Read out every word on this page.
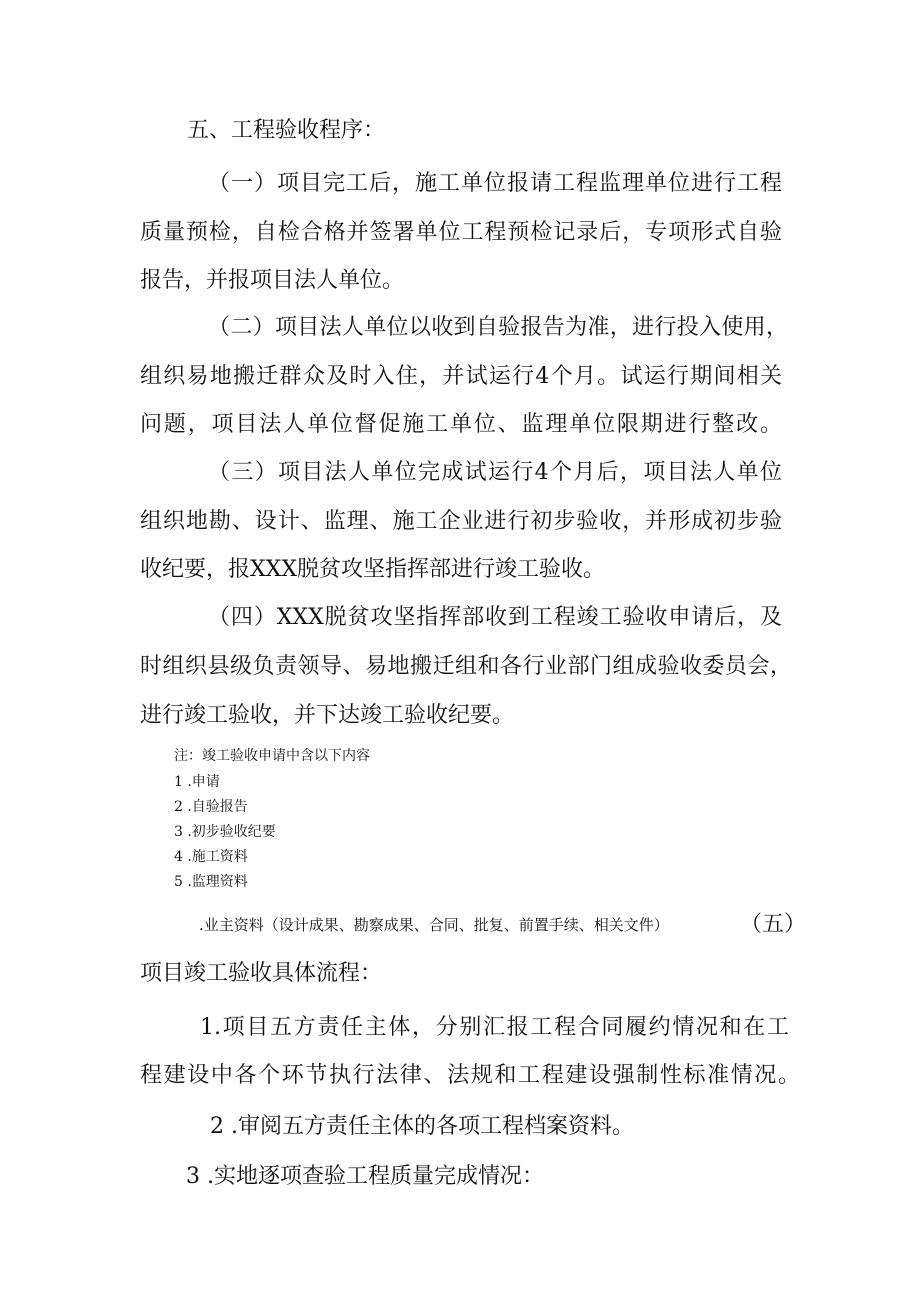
五、工程验收程序：
（一）项目完工后，施工单位报请工程监理单位进行工程
质量预检，自检合格并签署单位工程预检记录后，专项形式自验
报告，并报项目法人单位。
（二）项目法人单位以收到自验报告为准，进行投入使用，
组织易地搬迁群众及时入住，并试运行4个月。试运行期间相关
问题，项目法人单位督促施工单位、监理单位限期进行整改。
（三）项目法人单位完成试运行4个月后，项目法人单位
组织地勘、设计、监理、施工企业进行初步验收，并形成初步验
收纪要，报XXX脱贫攻坚指挥部进行竣工验收。
（四）XXX脱贫攻坚指挥部收到工程竣工验收申请后，及
时组织县级负责领导、易地搬迁组和各行业部门组成验收委员会，
进行竣工验收，并下达竣工验收纪要。
注：竣工验收申请中含以下内容
1 .申请
2 .自验报告
3 .初步验收纪要
4 .施工资料
5 .监理资料
.业主资料（设计成果、勘察成果、合同、批复、前置手续、相关文件）	（五）
项目竣工验收具体流程：
1.项目五方责任主体，分别汇报工程合同履约情况和在工
程建设中各个环节执行法律、法规和工程建设强制性标准情况。
2 .审阅五方责任主体的各项工程档案资料。
3 .实地逐项查验工程质量完成情况：
